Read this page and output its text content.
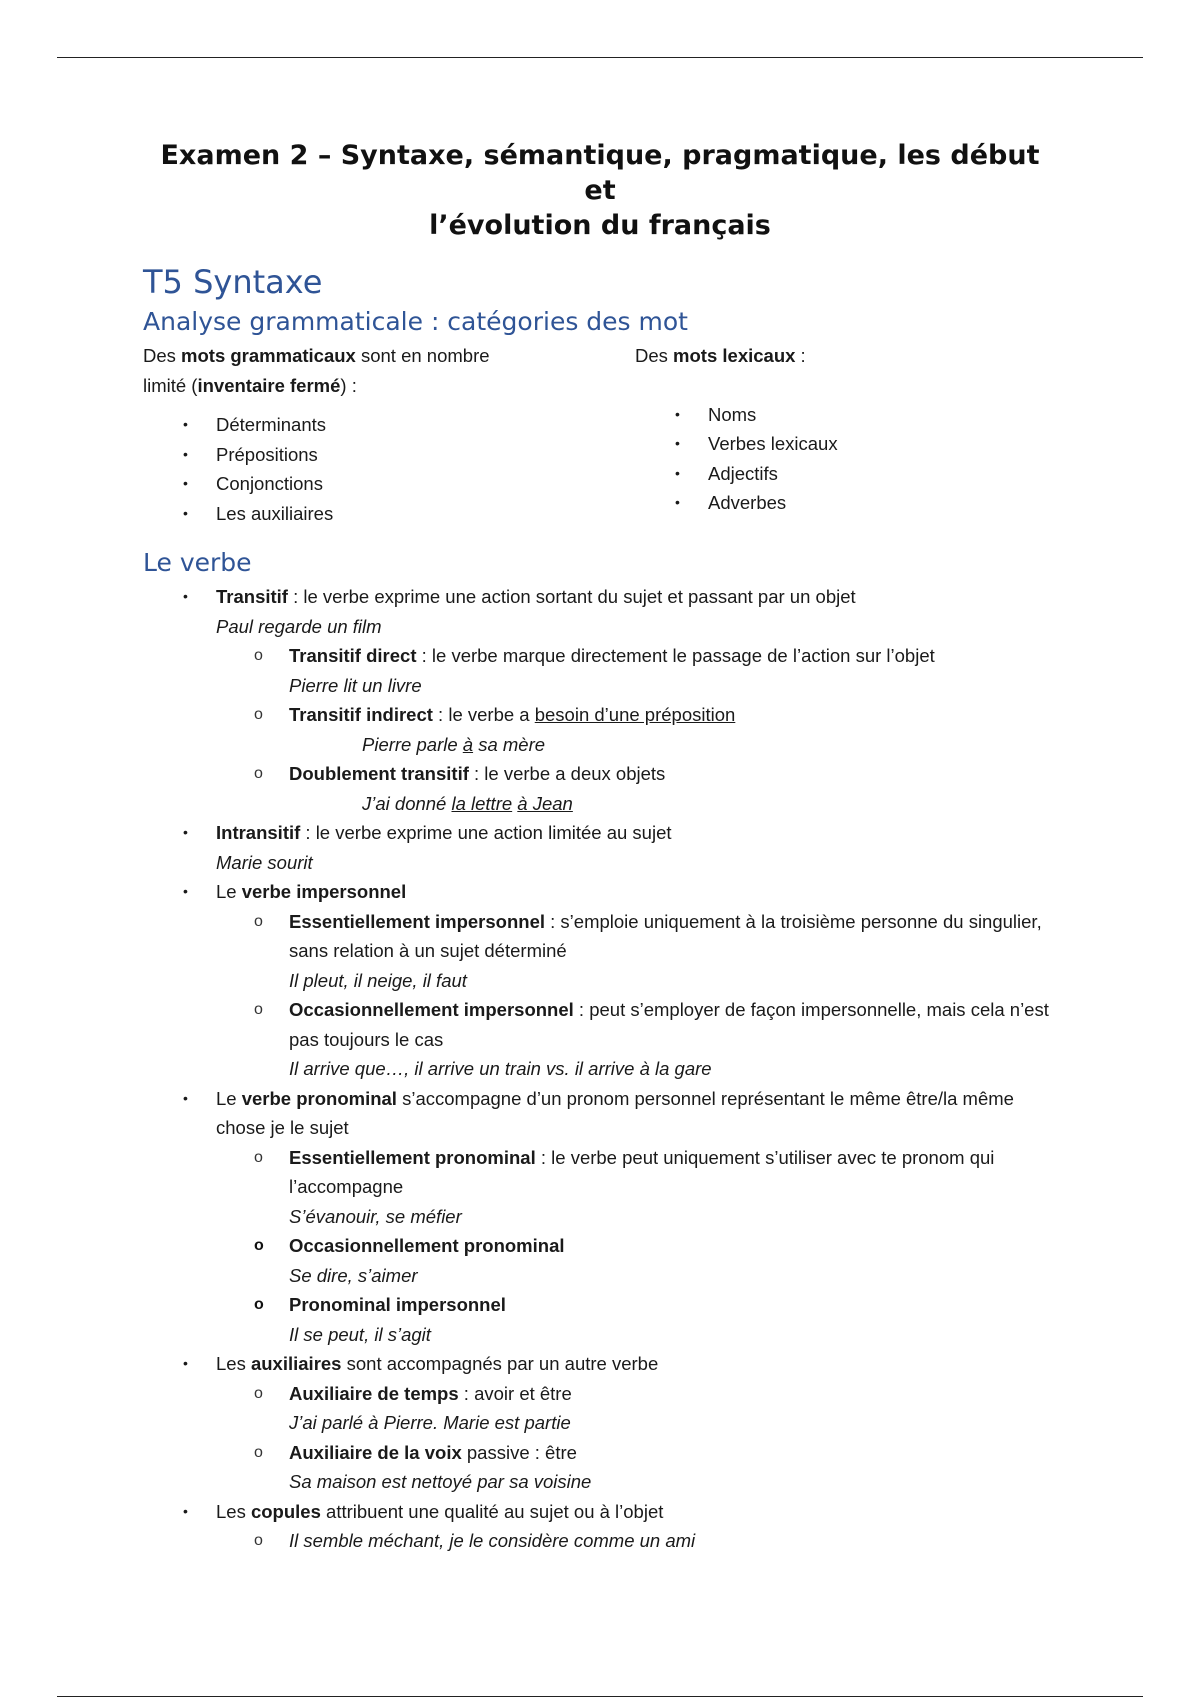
Examen 2 – Syntaxe, sémantique, pragmatique, les début et
l’évolution du français
T5 Syntaxe
Analyse grammaticale : catégories des mot

Des mots grammaticaux sont en nombre
limité (inventaire fermé) :

• Déterminants
• Prépositions
• Conjonctions
• Les auxiliaires

Des mots lexicaux :

• Noms
• Verbes lexicaux
• Adjectifs
• Adverbes
Le verbe
• Transitif : le verbe exprime une action sortant du sujet et passant par un objet
Paul regarde un film
o Transitif direct : le verbe marque directement le passage de l’action sur l’objet
Pierre lit un livre
o Transitif indirect : le verbe a besoin d’une préposition
Pierre parle à sa mère
o Doublement transitif : le verbe a deux objets
J’ai donné la lettre à Jean
• Intransitif : le verbe exprime une action limitée au sujet
Marie sourit
• Le verbe impersonnel
o Essentiellement impersonnel : s’emploie uniquement à la troisième personne du singulier, sans relation à un sujet déterminé
Il pleut, il neige, il faut
o Occasionnellement impersonnel : peut s’employer de façon impersonnelle, mais cela n’est pas toujours le cas
Il arrive que…, il arrive un train vs. il arrive à la gare
• Le verbe pronominal s’accompagne d’un pronom personnel représentant le même être/la même chose je le sujet
o Essentiellement pronominal : le verbe peut uniquement s’utiliser avec te pronom qui l’accompagne
S’évanouir, se méfier
o Occasionnellement pronominal
Se dire, s’aimer
o Pronominal impersonnel
Il se peut, il s’agit
• Les auxiliaires sont accompagnés par un autre verbe
o Auxiliaire de temps : avoir et être
J’ai parlé à Pierre. Marie est partie
o Auxiliaire de la voix passive : être
Sa maison est nettoyé par sa voisine
• Les copules attribuent une qualité au sujet ou à l’objet
o Il semble méchant, je le considère comme un ami
